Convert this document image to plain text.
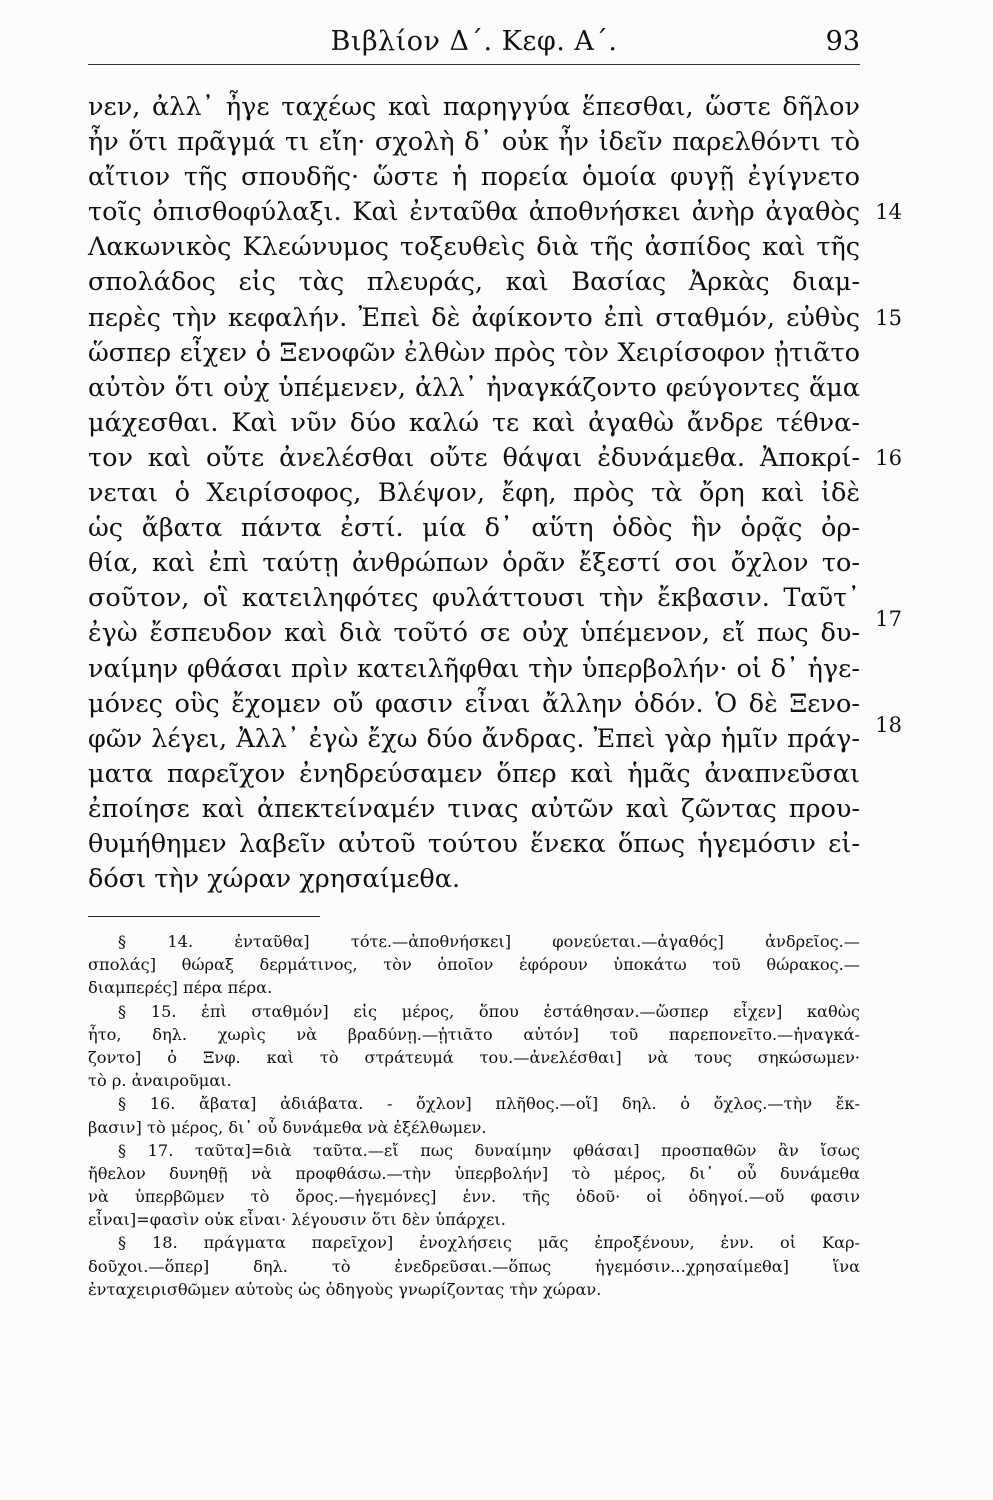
Βιβλίον Δ΄. Κεφ. Α΄.	93
νεν, ἀλλ᾽ ἦγε ταχέως καὶ παρηγγύα ἕπεσθαι, ὥστε δῆλον
ἦν ὅτι πρᾶγμά τι εἴη· σχολὴ δ᾽ οὐκ ἦν ἰδεῖν παρελθόντι τὸ
αἴτιον τῆς σπουδῆς· ὥστε ἡ πορεία ὁμοία φυγῇ ἐγίγνετο
τοῖς ὀπισθοφύλαξι. Καὶ ἐνταῦθα ἀποθνήσκει ἀνὴρ ἀγαθὸς 14
Λακωνικὸς Κλεώνυμος τοξευθεὶς διὰ τῆς ἀσπίδος καὶ τῆς
σπολάδος εἰς τὰς πλευράς, καὶ Βασίας Ἀρκὰς διαμ-
περὲς τὴν κεφαλήν. Ἐπεὶ δὲ ἀφίκοντο ἐπὶ σταθμόν, εὐθὺς 15
ὥσπερ εἶχεν ὁ Ξενοφῶν ἐλθὼν πρὸς τὸν Χειρίσοφον ᾐτιᾶτο
αὐτὸν ὅτι οὐχ ὑπέμενεν, ἀλλ᾽ ἠναγκάζοντο φεύγοντες ἅμα
μάχεσθαι. Καὶ νῦν δύο καλώ τε καὶ ἀγαθὼ ἄνδρε τέθνα-
τον καὶ οὔτε ἀνελέσθαι οὔτε θάψαι ἐδυνάμεθα. Ἀποκρί- 16
νεται ὁ Χειρίσοφος, Βλέψον, ἔφη, πρὸς τὰ ὄρη καὶ ἰδὲ
ὡς ἄβατα πάντα ἐστί. μία δ᾽ αὕτη ὁδὸς ἣν ὁρᾷς ὀρ-
θία, καὶ ἐπὶ ταύτῃ ἀνθρώπων ὁρᾶν ἔξεστί σοι ὄχλον το-
σοῦτον, οἳ κατειληφότες φυλάττουσι τὴν ἔκβασιν. Ταῦτ᾽
ἐγὼ ἔσπευδον καὶ διὰ τοῦτό σε οὐχ ὑπέμενον, εἴ πως δυ- 17
ναίμην φθάσαι πρὶν κατειλῆφθαι τὴν ὑπερβολήν· οἱ δ᾽ ἡγε-
μόνες οὓς ἔχομεν οὔ φασιν εἶναι ἄλλην ὁδόν. Ὁ δὲ Ξενο-
φῶν λέγει, Ἀλλ᾽ ἐγὼ ἔχω δύο ἄνδρας. Ἐπεὶ γὰρ ἡμῖν πράγ- 18
ματα παρεῖχον ἐνηδρεύσαμεν ὅπερ καὶ ἡμᾶς ἀναπνεῦσαι
ἐποίησε καὶ ἀπεκτείναμέν τινας αὐτῶν καὶ ζῶντας πρου-
θυμήθημεν λαβεῖν αὐτοῦ τούτου ἕνεκα ὅπως ἡγεμόσιν εἰ-
δόσι τὴν χώραν χρησαίμεθα.
§ 14. ἐνταῦθα] τότε.—ἀποθνήσκει] φονεύεται.—ἀγαθός] ἀνδρεῖος.—
σπολάς] θώραξ δερμάτινος, τὸν ὁποῖον ἐφόρουν ὑποκάτω τοῦ θώρακος.—
διαμπερές] πέρα πέρα.
§ 15. ἐπὶ σταθμόν] εἰς μέρος, ὅπου ἐστάθησαν.—ὥσπερ εἶχεν] καθὼς
ἦτο, δηλ. χωρὶς νὰ βραδύνῃ.—ᾐτιᾶτο αὐτόν] τοῦ παρεπονεῖτο.—ἠναγκά-
ζοντο] ὁ Ξνφ. καὶ τὸ στράτευμά του.—ἀνελέσθαι] νὰ τους σηκώσωμεν·
τὸ ρ. ἀναιροῦμαι.
§ 16. ἄβατα] ἀδιάβατα. - ὄχλον] πλῆθος.—οἵ] δηλ. ὁ ὄχλος.—τὴν ἔκ-
βασιν] τὸ μέρος, δι᾽ οὗ δυνάμεθα νὰ ἐξέλθωμεν.
§ 17. ταῦτα]=διὰ ταῦτα.—εἴ πως δυναίμην φθάσαι] προσπαθῶν ἂν ἴσως
ἤθελον δυνηθῇ νὰ προφθάσω.—τὴν ὑπερβολήν] τὸ μέρος, δι᾽ οὗ δυνάμεθα
νὰ ὑπερβῶμεν τὸ ὄρος.—ἡγεμόνες] ἐνν. τῆς ὁδοῦ· οἱ ὁδηγοί.—οὔ φασιν
εἶναι]=φασὶν οὐκ εἶναι· λέγουσιν ὅτι δὲν ὑπάρχει.
§ 18. πράγματα παρεῖχον] ἐνοχλήσεις μᾶς ἐπροξένουν, ἐνν. οἱ Καρ-
δοῦχοι.—ὅπερ] δηλ. τὸ ἐνεδρεῦσαι.—ὅπως ἡγεμόσιν...χρησαίμεθα] ἵνα
ἐνταχειρισθῶμεν αὐτοὺς ὡς ὁδηγοὺς γνωρίζοντας τὴν χώραν.
